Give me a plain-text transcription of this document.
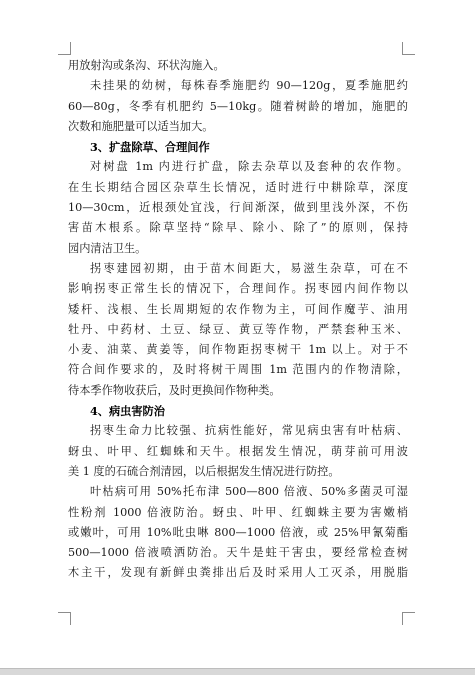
用放射沟或条沟、环状沟施入。
未挂果的幼树，每株春季施肥约 90—120g，夏季施肥约
60—80g，冬季有机肥约 5—10kg。随着树龄的增加，施肥的
次数和施肥量可以适当加大。
3、扩盘除草、合理间作
对树盘 1m 内进行扩盘，除去杂草以及套种的农作物。
在生长期结合园区杂草生长情况，适时进行中耕除草，深度
10—30cm，近根颈处宜浅，行间渐深，做到里浅外深，不伤
害苗木根系。除草坚持“除早、除小、除了”的原则，保持
园内清洁卫生。
拐枣建园初期，由于苗木间距大，易滋生杂草，可在不
影响拐枣正常生长的情况下，合理间作。拐枣园内间作物以
矮杆、浅根、生长周期短的农作物为主，可间作魔芋、油用
牡丹、中药材、土豆、绿豆、黄豆等作物，严禁套种玉米、
小麦、油菜、黄姜等，间作物距拐枣树干 1m 以上。对于不
符合间作要求的，及时将树干周围 1m 范围内的作物清除，
待本季作物收获后，及时更换间作物种类。
4、病虫害防治
拐枣生命力比较强、抗病性能好，常见病虫害有叶枯病、
蚜虫、叶甲、红蜘蛛和天牛。根据发生情况，萌芽前可用波
美 1 度的石硫合剂清园，以后根据发生情况进行防控。
叶枯病可用 50%托布津 500—800 倍液、50%多菌灵可湿
性粉剂 1000 倍液防治。蚜虫、叶甲、红蜘蛛主要为害嫩梢
或嫩叶，可用 10%吡虫啉 800—1000 倍液，或 25%甲氰菊酯
500—1000 倍液喷洒防治。天牛是蛀干害虫，要经常检查树
木主干，发现有新鲜虫粪排出后及时采用人工灭杀，用脱脂
